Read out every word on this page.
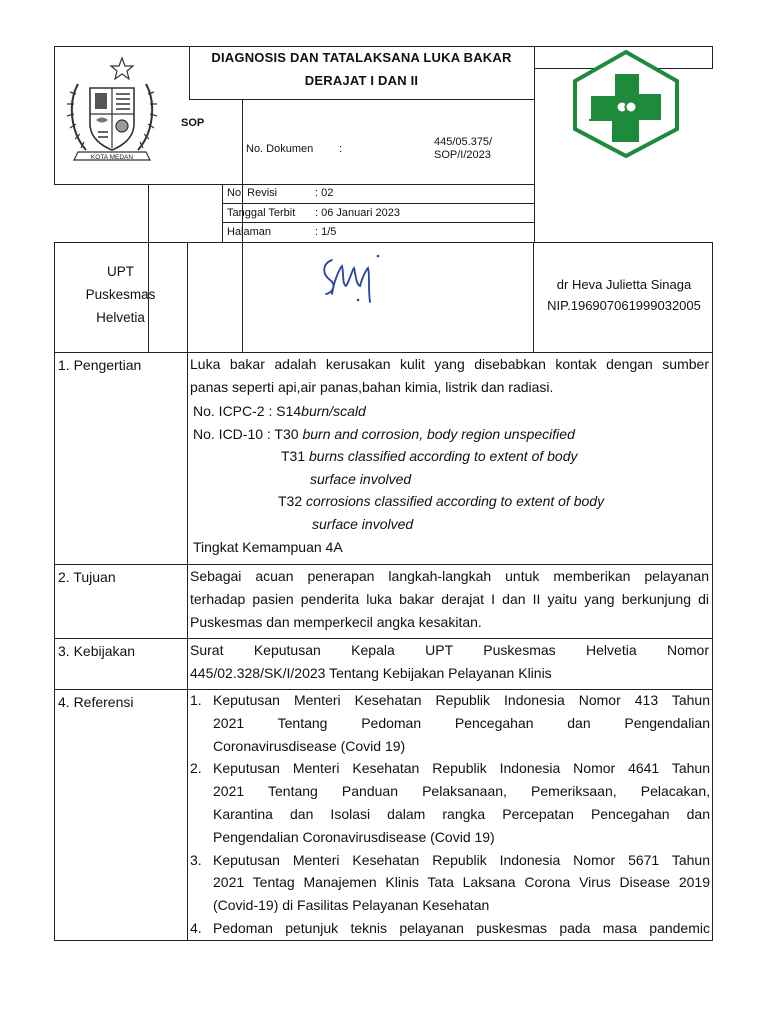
KOTA MEDAN
DIAGNOSIS DAN TATALAKSANA LUKA BAKAR
DERAJAT I DAN II
SOP
No. Dokumen :
445/05.375/
SOP/I/2023
No. Revisi	: 02
Tanggal Terbit : 06 Januari 2023
Halaman	: 1/5
UPT
Puskesmas
Helvetia
dr Heva Julietta Sinaga
NIP.196907061999032005
1. Pengertian	Luka bakar adalah kerusakan kulit yang disebabkan kontak dengan sumber
panas seperti api,air panas,bahan kimia, listrik dan radiasi.
No. ICPC-2 : S14burn/scald
No. ICD-10 : T30 burn and corrosion, body region unspecified
T31 burns classified according to extent of body
surface involved
T32 corrosions classified according to extent of body
surface involved
Tingkat Kemampuan 4A
2. Tujuan	Sebagai acuan penerapan langkah-langkah untuk memberikan pelayanan
terhadap pasien penderita luka bakar derajat I dan II yaitu yang berkunjung di
Puskesmas dan memperkecil angka kesakitan.
3. Kebijakan	Surat Keputusan Kepala UPT Puskesmas Helvetia Nomor
445/02.328/SK/I/2023 Tentang Kebijakan Pelayanan Klinis
4. Referensi	1. Keputusan Menteri Kesehatan Republik Indonesia Nomor 413 Tahun
2021 Tentang Pedoman Pencegahan dan Pengendalian
Coronavirusdisease (Covid 19)
2. Keputusan Menteri Kesehatan Republik Indonesia Nomor 4641 Tahun
2021 Tentang Panduan Pelaksanaan, Pemeriksaan, Pelacakan,
Karantina dan Isolasi dalam rangka Percepatan Pencegahan dan
Pengendalian Coronavirusdisease (Covid 19)
3. Keputusan Menteri Kesehatan Republik Indonesia Nomor 5671 Tahun
2021 Tentag Manajemen Klinis Tata Laksana Corona Virus Disease 2019
(Covid-19) di Fasilitas Pelayanan Kesehatan
4. Pedoman petunjuk teknis pelayanan puskesmas pada masa pandemic
